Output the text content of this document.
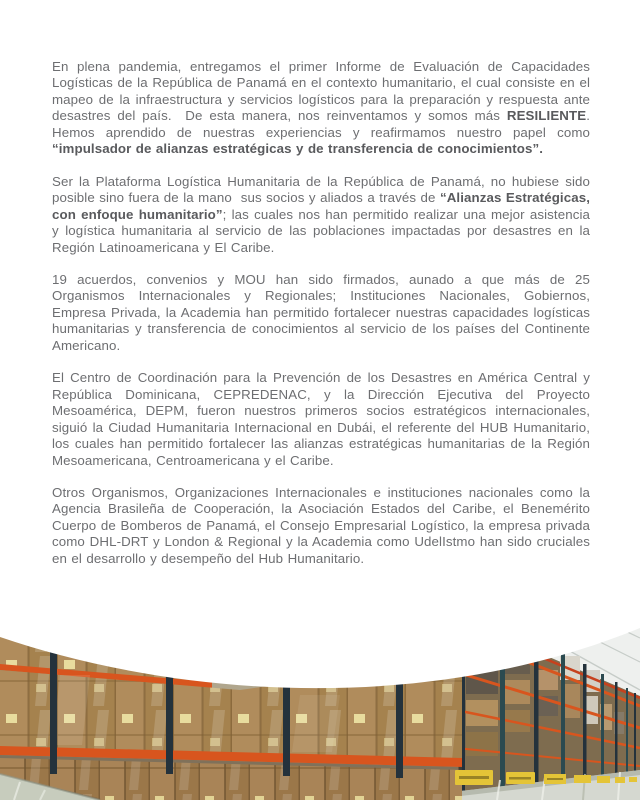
En plena pandemia, entregamos el primer Informe de Evaluación de Capacidades Logísticas de la República de Panamá en el contexto humanitario, el cual consiste en el mapeo de la infraestructura y servicios logísticos para la preparación y respuesta ante desastres del país.  De esta manera, nos reinventamos y somos más RESILIENTE. Hemos aprendido de nuestras experiencias y reafirmamos nuestro papel como “impulsador de alianzas estratégicas y de transferencia de conocimientos”.

Ser la Plataforma Logística Humanitaria de la República de Panamá, no hubiese sido posible sino fuera de la mano  sus socios y aliados a través de “Alianzas Estratégicas, con enfoque humanitario”; las cuales nos han permitido realizar una mejor asistencia y logística humanitaria al servicio de las poblaciones impactadas por desastres en la Región Latinoamericana y El Caribe.

19 acuerdos, convenios y MOU han sido firmados, aunado a que más de 25 Organismos Internacionales y Regionales; Instituciones Nacionales, Gobiernos, Empresa Privada, la Academia han permitido fortalecer nuestras capacidades logísticas humanitarias y transferencia de conocimientos al servicio de los países del Continente Americano.

El Centro de Coordinación para la Prevención de los Desastres en América Central y República Dominicana, CEPREDENAC, y la Dirección Ejecutiva del Proyecto Mesoamérica, DEPM, fueron nuestros primeros socios estratégicos internacionales, siguió la Ciudad Humanitaria Internacional en Dubái, el referente del HUB Humanitario, los cuales han permitido fortalecer las alianzas estratégicas humanitarias de la Región Mesoamericana, Centroamericana y el Caribe.

Otros Organismos, Organizaciones Internacionales e instituciones nacionales como la Agencia Brasileña de Cooperación, la Asociación Estados del Caribe, el Benemérito Cuerpo de Bomberos de Panamá, el Consejo Empresarial Logístico, la empresa privada como DHL-DRT y London & Regional y la Academia como UdelIstmo han sido cruciales en el desarrollo y desempeño del Hub Humanitario.
